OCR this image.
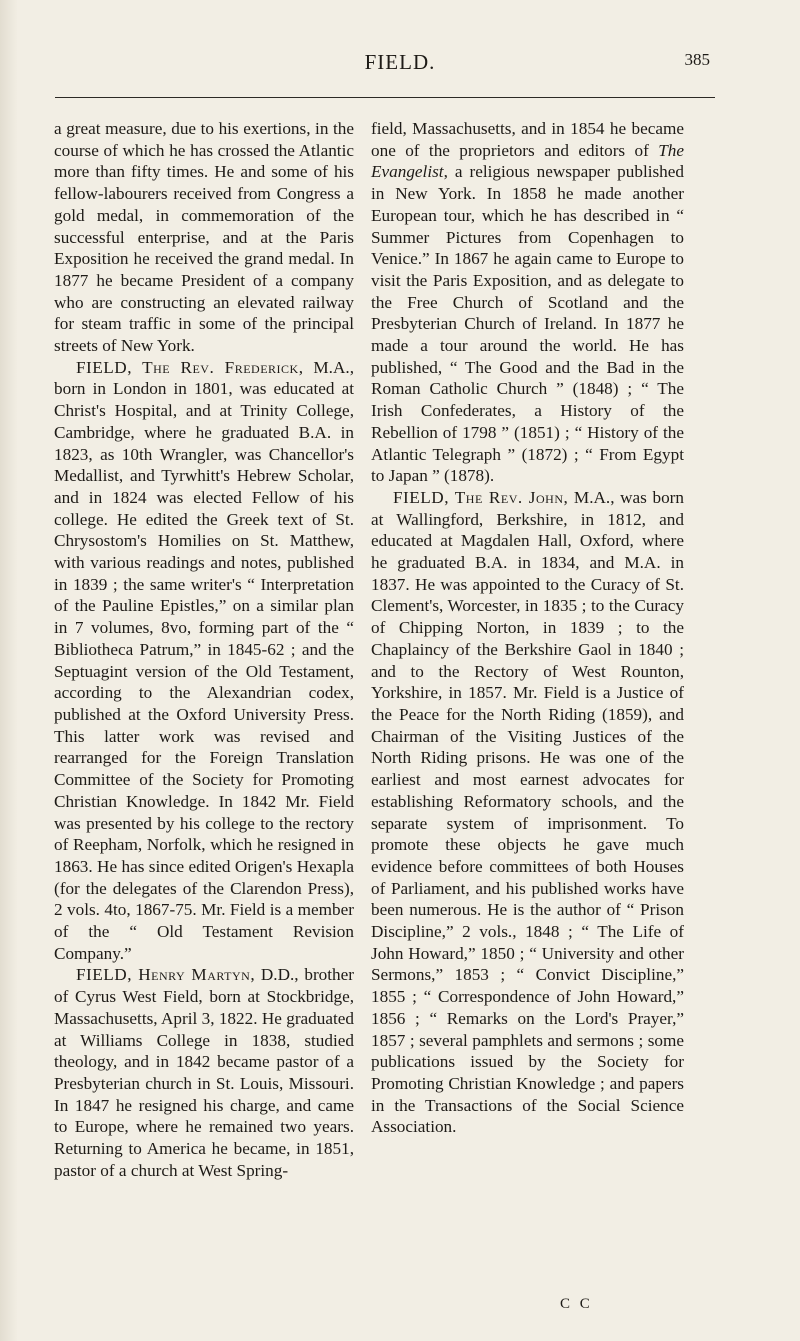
FIELD.	385

a great measure, due to his exertions, in the course of which he has crossed the Atlantic more than fifty times. He and some of his fellow-labourers received from Congress a gold medal, in commemoration of the successful enterprise, and at the Paris Exposition he received the grand medal. In 1877 he became President of a company who are constructing an elevated railway for steam traffic in some of the principal streets of New York.

FIELD, The Rev. Frederick, M.A., born in London in 1801, was educated at Christ's Hospital, and at Trinity College, Cambridge, where he graduated B.A. in 1823, as 10th Wrangler, was Chancellor's Medallist, and Tyrwhitt's Hebrew Scholar, and in 1824 was elected Fellow of his college. He edited the Greek text of St. Chrysostom's Homilies on St. Matthew, with various readings and notes, published in 1839 ; the same writer's “ Interpretation of the Pauline Epistles,” on a similar plan in 7 volumes, 8vo, forming part of the “ Bibliotheca Patrum,” in 1845-62 ; and the Septuagint version of the Old Testament, according to the Alexandrian codex, published at the Oxford University Press. This latter work was revised and rearranged for the Foreign Translation Committee of the Society for Promoting Christian Knowledge. In 1842 Mr. Field was presented by his college to the rectory of Reepham, Norfolk, which he resigned in 1863. He has since edited Origen's Hexapla (for the delegates of the Clarendon Press), 2 vols. 4to, 1867-75. Mr. Field is a member of the “ Old Testament Revision Company.”

FIELD, Henry Martyn, D.D., brother of Cyrus West Field, born at Stockbridge, Massachusetts, April 3, 1822. He graduated at Williams College in 1838, studied theology, and in 1842 became pastor of a Presbyterian church in St. Louis, Missouri. In 1847 he resigned his charge, and came to Europe, where he remained two years. Returning to America he became, in 1851, pastor of a church at West Spring-

field, Massachusetts, and in 1854 he became one of the proprietors and editors of The Evangelist, a religious newspaper published in New York. In 1858 he made another European tour, which he has described in “ Summer Pictures from Copenhagen to Venice.” In 1867 he again came to Europe to visit the Paris Exposition, and as delegate to the Free Church of Scotland and the Presbyterian Church of Ireland. In 1877 he made a tour around the world. He has published, “ The Good and the Bad in the Roman Catholic Church ” (1848) ; “ The Irish Confederates, a History of the Rebellion of 1798 ” (1851) ; “ History of the Atlantic Telegraph ” (1872) ; “ From Egypt to Japan ” (1878).

FIELD, The Rev. John, M.A., was born at Wallingford, Berkshire, in 1812, and educated at Magdalen Hall, Oxford, where he graduated B.A. in 1834, and M.A. in 1837. He was appointed to the Curacy of St. Clement's, Worcester, in 1835 ; to the Curacy of Chipping Norton, in 1839 ; to the Chaplaincy of the Berkshire Gaol in 1840 ; and to the Rectory of West Rounton, Yorkshire, in 1857. Mr. Field is a Justice of the Peace for the North Riding (1859), and Chairman of the Visiting Justices of the North Riding prisons. He was one of the earliest and most earnest advocates for establishing Reformatory schools, and the separate system of imprisonment. To promote these objects he gave much evidence before committees of both Houses of Parliament, and his published works have been numerous. He is the author of “ Prison Discipline,” 2 vols., 1848 ; “ The Life of John Howard,” 1850 ; “ University and other Sermons,” 1853 ; “ Convict Discipline,” 1855 ; “ Correspondence of John Howard,” 1856 ; “ Remarks on the Lord's Prayer,” 1857 ; several pamphlets and sermons ; some publications issued by the Society for Promoting Christian Knowledge ; and papers in the Transactions of the Social Science Association.

C C
